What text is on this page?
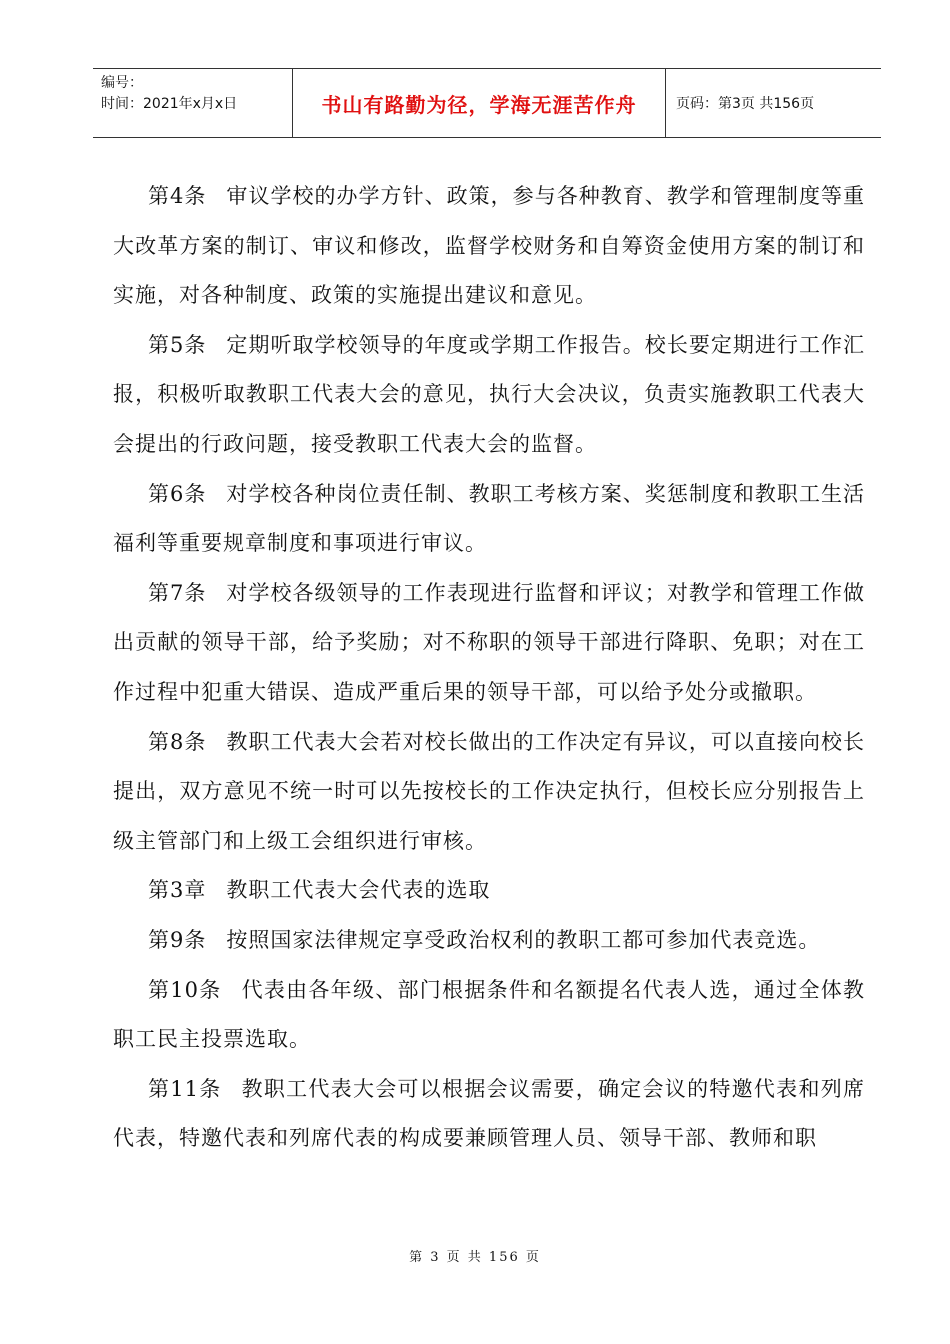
编号：
时间：2021年x月x日	书山有路勤为径，学海无涯苦作舟	页码：第3页 共156页

第4条 审议学校的办学方针、政策，参与各种教育、教学和管理制度等重大改革方案的制订、审议和修改，监督学校财务和自筹资金使用方案的制订和实施，对各种制度、政策的实施提出建议和意见。

第5条 定期听取学校领导的年度或学期工作报告。校长要定期进行工作汇报，积极听取教职工代表大会的意见，执行大会决议，负责实施教职工代表大会提出的行政问题，接受教职工代表大会的监督。

第6条 对学校各种岗位责任制、教职工考核方案、奖惩制度和教职工生活福利等重要规章制度和事项进行审议。

第7条 对学校各级领导的工作表现进行监督和评议；对教学和管理工作做出贡献的领导干部，给予奖励；对不称职的领导干部进行降职、免职；对在工作过程中犯重大错误、造成严重后果的领导干部，可以给予处分或撤职。

第8条 教职工代表大会若对校长做出的工作决定有异议，可以直接向校长提出，双方意见不统一时可以先按校长的工作决定执行，但校长应分别报告上级主管部门和上级工会组织进行审核。

第3章 教职工代表大会代表的选取

第9条 按照国家法律规定享受政治权利的教职工都可参加代表竞选。

第10条 代表由各年级、部门根据条件和名额提名代表人选，通过全体教职工民主投票选取。

第11条 教职工代表大会可以根据会议需要，确定会议的特邀代表和列席代表，特邀代表和列席代表的构成要兼顾管理人员、领导干部、教师和职

第 3 页 共 156 页
